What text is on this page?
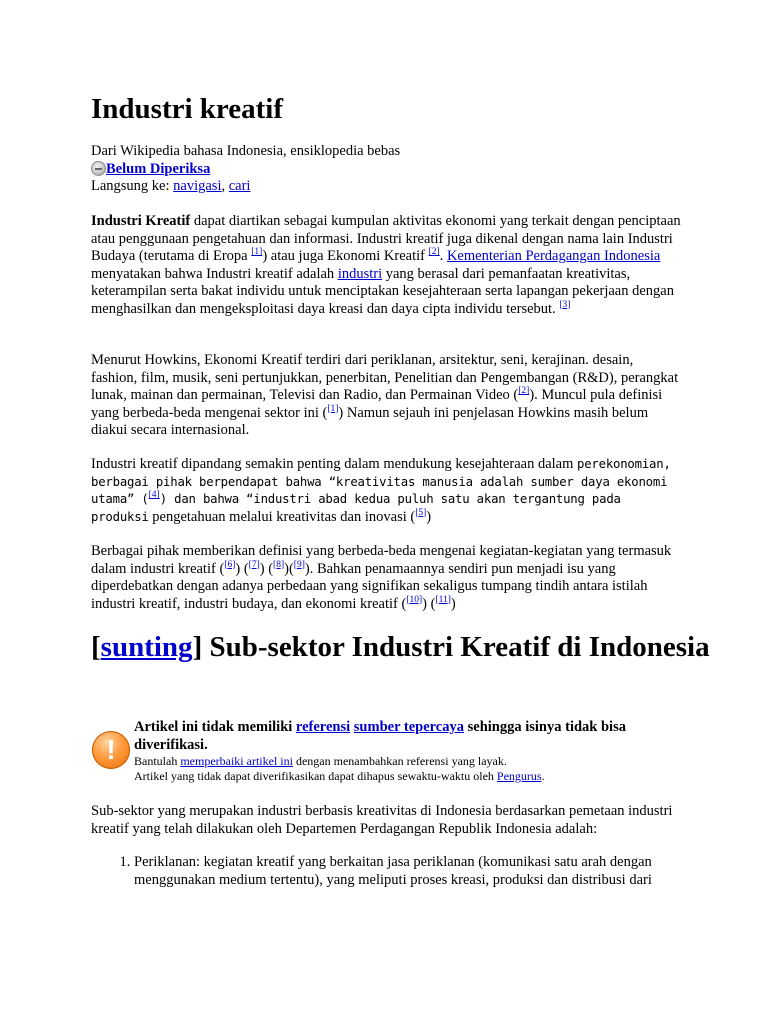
Industri kreatif
Dari Wikipedia bahasa Indonesia, ensiklopedia bebas
Belum Diperiksa
Langsung ke: navigasi, cari

Industri Kreatif dapat diartikan sebagai kumpulan aktivitas ekonomi yang terkait dengan penciptaan atau penggunaan pengetahuan dan informasi. Industri kreatif juga dikenal dengan nama lain Industri Budaya (terutama di Eropa [1]) atau juga Ekonomi Kreatif [2]. Kementerian Perdagangan Indonesia menyatakan bahwa Industri kreatif adalah industri yang berasal dari pemanfaatan kreativitas, keterampilan serta bakat individu untuk menciptakan kesejahteraan serta lapangan pekerjaan dengan menghasilkan dan mengeksploitasi daya kreasi dan daya cipta individu tersebut. [3]

Menurut Howkins, Ekonomi Kreatif terdiri dari periklanan, arsitektur, seni, kerajinan. desain, fashion, film, musik, seni pertunjukkan, penerbitan, Penelitian dan Pengembangan (R&D), perangkat lunak, mainan dan permainan, Televisi dan Radio, dan Permainan Video ([2]). Muncul pula definisi yang berbeda-beda mengenai sektor ini ([1]) Namun sejauh ini penjelasan Howkins masih belum diakui secara internasional.

Industri kreatif dipandang semakin penting dalam mendukung kesejahteraan dalam perekonomian, berbagai pihak berpendapat bahwa “kreativitas manusia adalah sumber daya ekonomi utama” ([4]) dan bahwa “industri abad kedua puluh satu akan tergantung pada produksi pengetahuan melalui kreativitas dan inovasi ([5])

Berbagai pihak memberikan definisi yang berbeda-beda mengenai kegiatan-kegiatan yang termasuk dalam industri kreatif ([6]) ([7]) ([8])([9]). Bahkan penamaannya sendiri pun menjadi isu yang diperdebatkan dengan adanya perbedaan yang signifikan sekaligus tumpang tindih antara istilah industri kreatif, industri budaya, dan ekonomi kreatif ([10]) ([11])

[sunting] Sub-sektor Industri Kreatif di Indonesia
!
Artikel ini tidak memiliki referensi sumber tepercaya sehingga isinya tidak bisa diverifikasi.
Bantulah memperbaiki artikel ini dengan menambahkan referensi yang layak.
Artikel yang tidak dapat diverifikasikan dapat dihapus sewaktu-waktu oleh Pengurus.

Sub-sektor yang merupakan industri berbasis kreativitas di Indonesia berdasarkan pemetaan industri kreatif yang telah dilakukan oleh Departemen Perdagangan Republik Indonesia adalah:

1. Periklanan: kegiatan kreatif yang berkaitan jasa periklanan (komunikasi satu arah dengan menggunakan medium tertentu), yang meliputi proses kreasi, produksi dan distribusi dari
